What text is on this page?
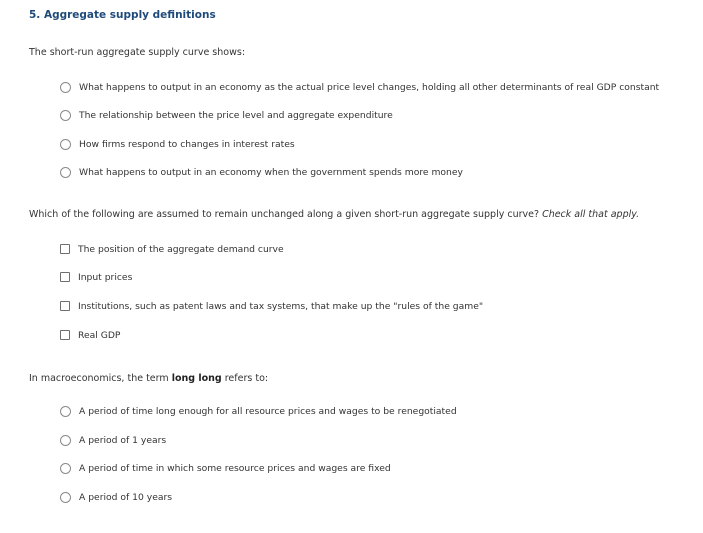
5. Aggregate supply definitions
The short-run aggregate supply curve shows:
What happens to output in an economy as the actual price level changes, holding all other determinants of real GDP constant
The relationship between the price level and aggregate expenditure
How firms respond to changes in interest rates
What happens to output in an economy when the government spends more money
Which of the following are assumed to remain unchanged along a given short-run aggregate supply curve? Check all that apply.
The position of the aggregate demand curve
Input prices
Institutions, such as patent laws and tax systems, that make up the "rules of the game"
Real GDP
In macroeconomics, the term long long refers to:
A period of time long enough for all resource prices and wages to be renegotiated
A period of 1 years
A period of time in which some resource prices and wages are fixed
A period of 10 years
